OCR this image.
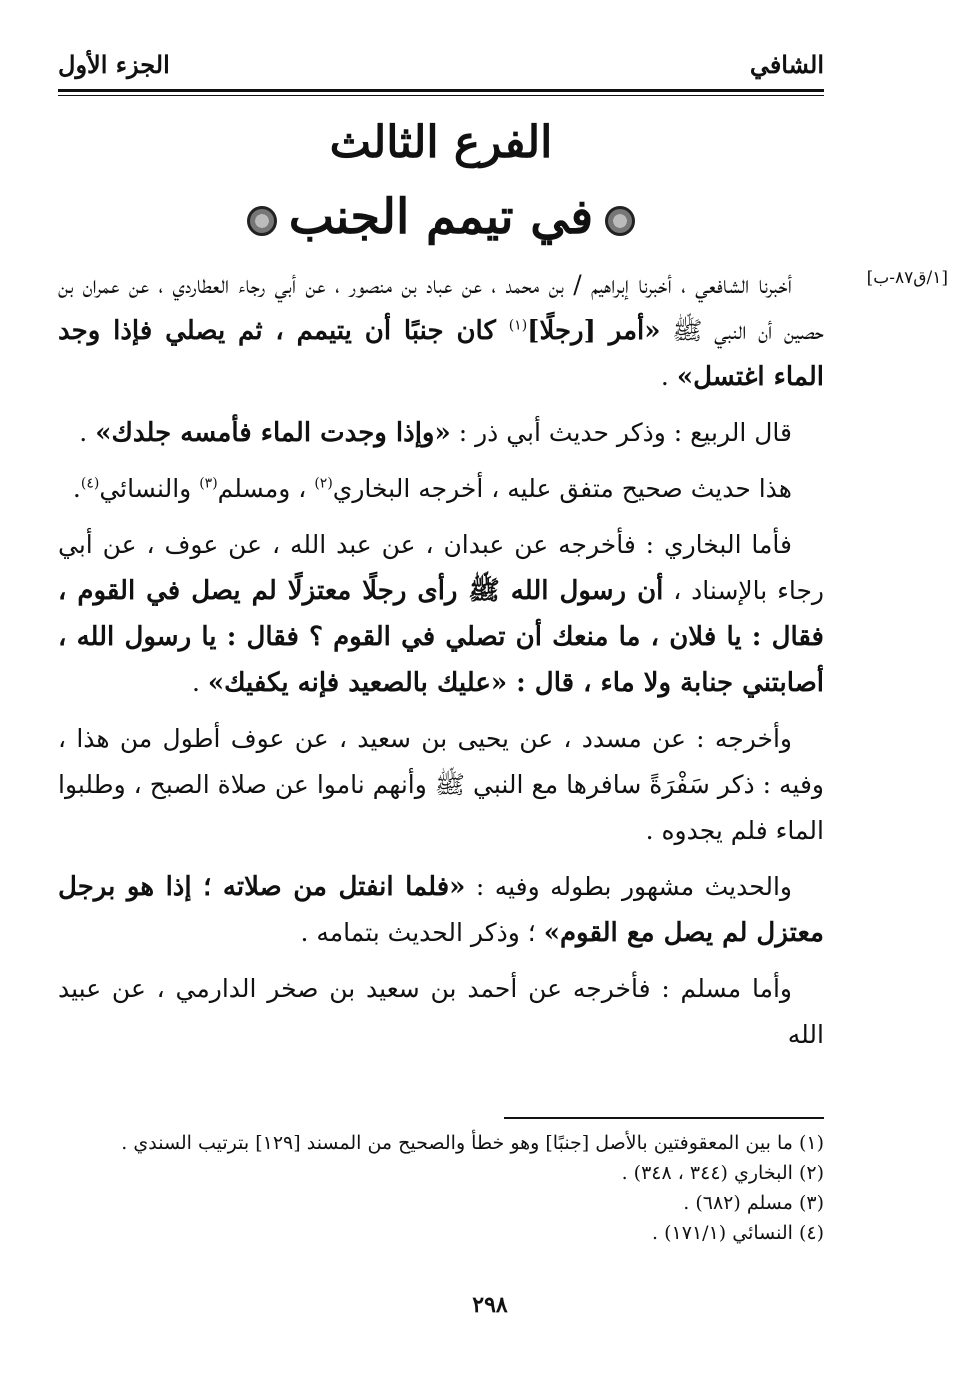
الشافي
الجزء الأول
الفرع الثالث
في تيمم الجنب
[١/ق٨٧-ب]

أخبرنا الشافعي ، أخبرنا إبراهيم / بن محمد ، عن عباد بن منصور ، عن أبي رجاء العطاردي ، عن عمران بن حصين أن النبي ﷺ «أمر [رجلًا]$^{(١)}$ كان جنبًا أن يتيمم ، ثم يصلي فإذا وجد الماء اغتسل» .

قال الربيع : وذكر حديث أبي ذر : «وإذا وجدت الماء فأمسه جلدك» .

هذا حديث صحيح متفق عليه ، أخرجه البخاري$^{(٢)}$ ، ومسلم$^{(٣)}$ والنسائي$^{(٤)}$.

فأما البخاري : فأخرجه عن عبدان ، عن عبد الله ، عن عوف ، عن أبي رجاء بالإسناد ، أن رسول الله ﷺ رأى رجلًا معتزلًا لم يصل في القوم ، فقال : يا فلان ، ما منعك أن تصلي في القوم ؟ فقال : يا رسول الله ، أصابتني جنابة ولا ماء ، قال : «عليك بالصعيد فإنه يكفيك» .

وأخرجه : عن مسدد ، عن يحيى بن سعيد ، عن عوف أطول من هذا ، وفيه : ذكر سَفْرَةً سافرها مع النبي ﷺ وأنهم ناموا عن صلاة الصبح ، وطلبوا الماء فلم يجدوه .

والحديث مشهور بطوله وفيه : «فلما انفتل من صلاته ؛ إذا هو برجل معتزل لم يصل مع القوم» ؛ وذكر الحديث بتمامه .

وأما مسلم : فأخرجه عن أحمد بن سعيد بن صخر الدارمي ، عن عبيد الله

(١) ما بين المعقوفتين بالأصل [جنبًا] وهو خطأ والصحيح من المسند [١٢٩] بترتيب السندي .
(٢) البخاري (٣٤٤ ، ٣٤٨) .
(٣) مسلم (٦٨٢) .
(٤) النسائي (١٧١/١) .
٢٩٨
